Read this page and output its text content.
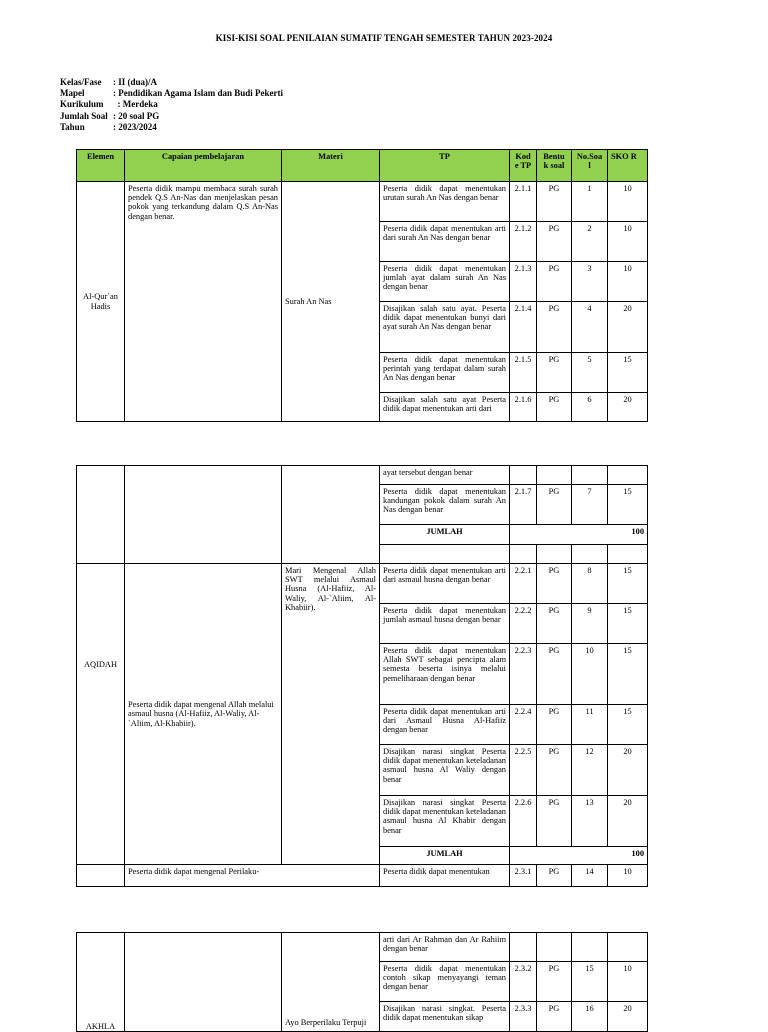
KISI-KISI SOAL PENILAIAN SUMATIF TENGAH SEMESTER TAHUN 2023-2024
Kelas/Fase : II (dua)/A
Mapel	: Pendidikan Agama Islam dan Budi Pekerti
Kurikulum  : Merdeka
Jumlah Soal : 20 soal PG
Tahun	: 2023/2024
Elemen	Capaian pembelajaran	Materi	TP	Kod e TP	Bentu k soal	No.Soa l	SKO R
Al-Qur`an Hadis	Peserta didik mampu membaca surah surah pendek Q.S An-Nas dan menjelaskan pesan pokok yang terkandung dalam Q.S An-Nas dengan benar.	Surah An Nas	Peserta didik dapat menentukan urutan surah An Nas dengan benar	2.1.1	PG	1	10
			Peserta didik dapat menentukan arti dari surah An Nas dengan benar	2.1.2	PG	2	10
			Peserta didik dapat menentukan jumlah ayat dalam surah An Nas dengan benar	2.1.3	PG	3	10
			Disajikan salah satu ayat. Peserta didik dapat menentukan bunyi dari ayat surah An Nas dengan benar	2.1.4	PG	4	20
			Peserta didik dapat menentukan perintah yang terdapat dalam surah An Nas dengan benar	2.1.5	PG	5	15
			Disajikan salah satu ayat Peserta didik dapat menentukan arti dari	2.1.6	PG	6	20
			ayat tersebut dengan benar				
			Peserta didik dapat menentukan kandungan pokok dalam surah An Nas dengan benar	2.1.7	PG	7	15
			JUMLAH	100			

AQIDAH	Peserta didik dapat mengenal Allah melalui asmaul husna (Al-Hafiiz, Al-Waliy, Al-`Aliim, Al-Khabiir).	Mari Mengenal Allah SWT melalui Asmaul Husna (Al-Hafiiz, Al-Waliy, Al-`Aliim, Al-Khabiir).	Peserta didik dapat menentukan arti dari asmaul husna dengan benar	2.2.1	PG	8	15
			Peserta didik dapat menentukan jumlah asmaul husna dengan benar	2.2.2	PG	9	15
			Peserta didik dapat menentukan Allah SWT sebagai pencipta alam semesta beserta isinya melalui pemeliharaan dengan benar	2.2.3	PG	10	15
			Peserta didik dapat menentukan arti dari Asmaul Husna Al-Hafiiz dengan benar	2.2.4	PG	11	15
			Disajikan narasi singkat Peserta didik dapat menentukan keteladanan asmaul husna Al Waliy dengan benar	2.2.5	PG	12	20
			Disajikan narasi singkat Peserta didik dapat menentukan keteladanan asmaul husna Al Khabir dengan benar	2.2.6	PG	13	20
			JUMLAH	100			
	Peserta didik dapat mengenal Perilaku-		Peserta didik dapat menentukan	2.3.1	PG	14	10
AKHLA		Ayo Berperilaku Terpuji	arti dari Ar Rahman dan Ar Rahiim dengan benar				
			Peserta didik dapat menentukan contoh sikap menyayangi teman dengan benar	2.3.2	PG	15	10
			Disajikan narasi singkat. Peserta didik dapat menentukan sikap	2.3.3	PG	16	20
